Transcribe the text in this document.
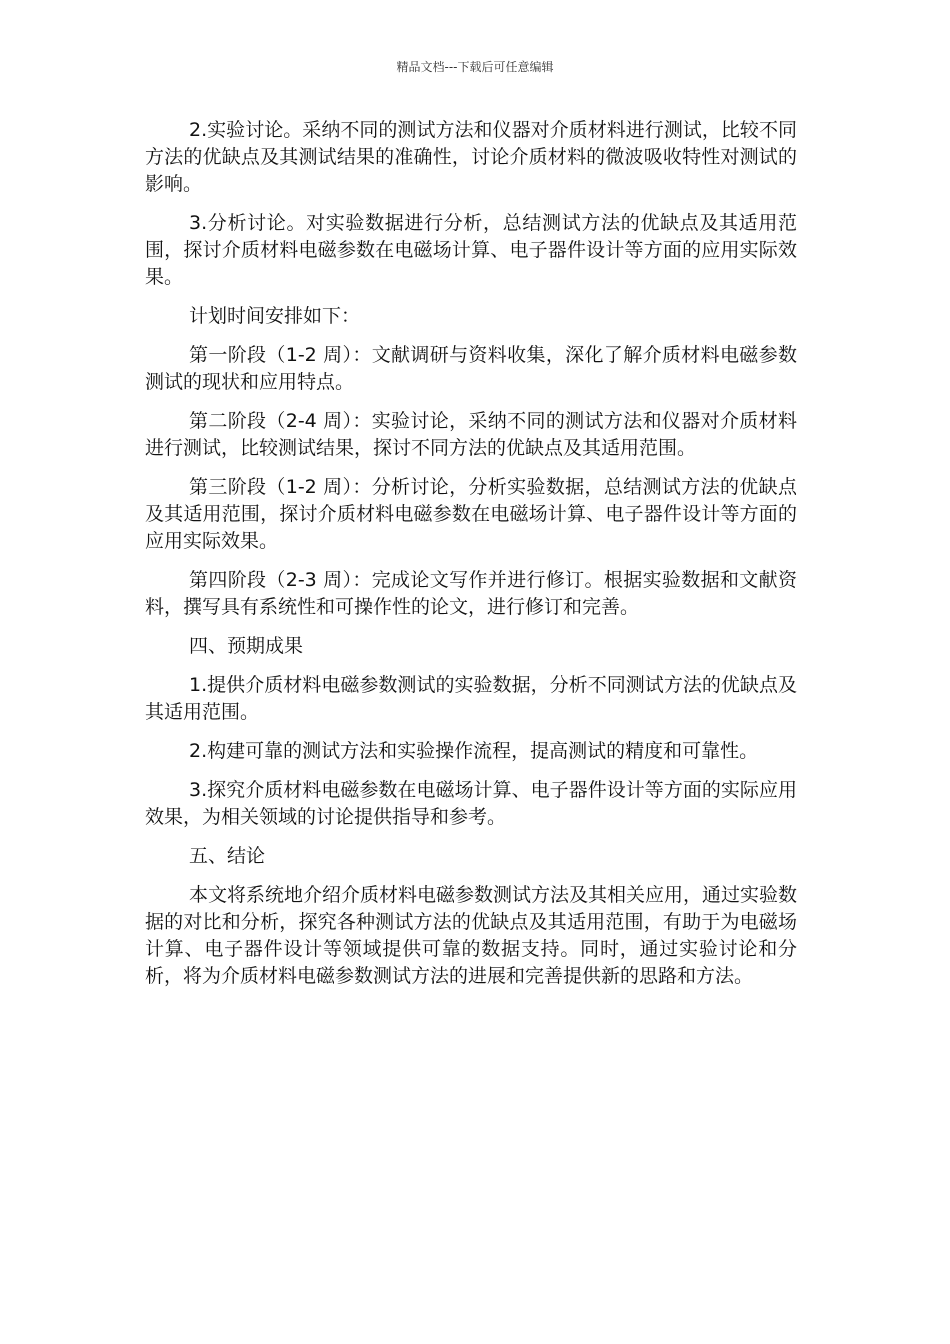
精品文档---下载后可任意编辑

2.实验讨论。采纳不同的测试方法和仪器对介质材料进行测试，比较不同方法的优缺点及其测试结果的准确性，讨论介质材料的微波吸收特性对测试的影响。

3.分析讨论。对实验数据进行分析，总结测试方法的优缺点及其适用范围，探讨介质材料电磁参数在电磁场计算、电子器件设计等方面的应用实际效果。

计划时间安排如下：

第一阶段（1-2 周）：文献调研与资料收集，深化了解介质材料电磁参数测试的现状和应用特点。

第二阶段（2-4 周）：实验讨论，采纳不同的测试方法和仪器对介质材料进行测试，比较测试结果，探讨不同方法的优缺点及其适用范围。

第三阶段（1-2 周）：分析讨论，分析实验数据，总结测试方法的优缺点及其适用范围，探讨介质材料电磁参数在电磁场计算、电子器件设计等方面的应用实际效果。

第四阶段（2-3 周）：完成论文写作并进行修订。根据实验数据和文献资料，撰写具有系统性和可操作性的论文，进行修订和完善。

四、预期成果

1.提供介质材料电磁参数测试的实验数据，分析不同测试方法的优缺点及其适用范围。

2.构建可靠的测试方法和实验操作流程，提高测试的精度和可靠性。

3.探究介质材料电磁参数在电磁场计算、电子器件设计等方面的实际应用效果，为相关领域的讨论提供指导和参考。

五、结论

本文将系统地介绍介质材料电磁参数测试方法及其相关应用，通过实验数据的对比和分析，探究各种测试方法的优缺点及其适用范围，有助于为电磁场计算、电子器件设计等领域提供可靠的数据支持。同时，通过实验讨论和分析，将为介质材料电磁参数测试方法的进展和完善提供新的思路和方法。
